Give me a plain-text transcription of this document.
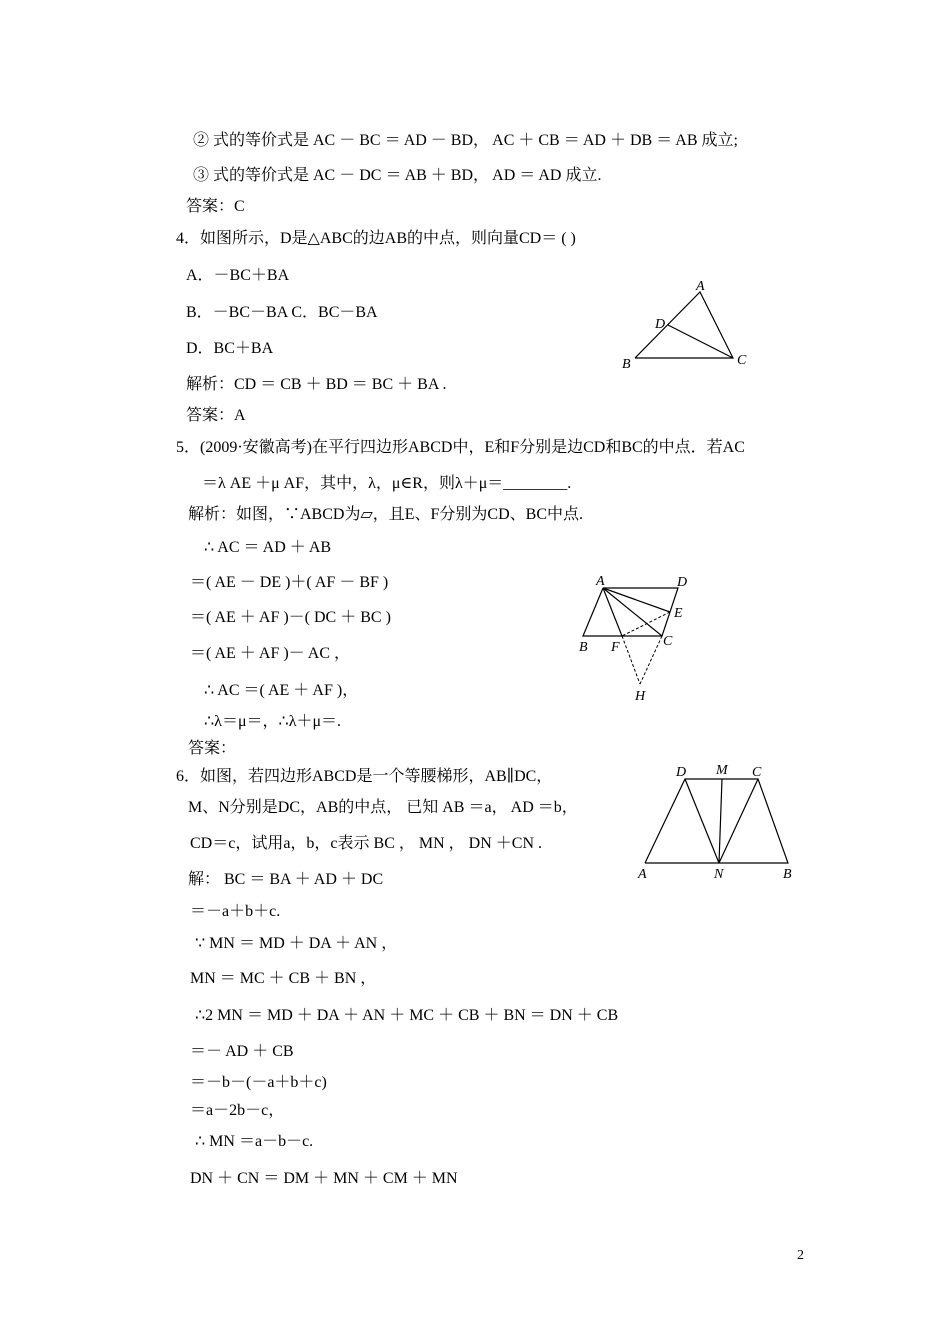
② 式的等价式是 AC － BC ＝ AD － BD， AC ＋ CB ＝ AD ＋ DB ＝ AB 成立;
③ 式的等价式是 AC － DC ＝ AB ＋ BD， AD ＝ AD 成立.
答案：C
4．如图所示，D是△ABC的边AB的中点，则向量CD＝ ( )
A．－BC＋BA
B．－BC－BA C．BC－BA
D．BC＋BA
解析：CD ＝ CB ＋ BD ＝ BC ＋ BA .
答案：A
5．(2009·安徽高考)在平行四边形ABCD中，E和F分别是边CD和BC的中点．若AC
＝λ AE ＋μ AF，其中，λ，μ∈R，则λ＋μ＝________.
解析：如图，∵ABCD为▱，且E、F分别为CD、BC中点.
∴ AC ＝ AD ＋ AB
＝( AE － DE )＋( AF － BF )
＝( AE ＋ AF )－( DC ＋ BC )
＝( AE ＋ AF )－ AC ，
∴ AC ＝( AE ＋ AF )，
∴λ＝μ＝，∴λ＋μ＝.
答案：
6．如图，若四边形ABCD是一个等腰梯形，AB∥DC，
M、N分别是DC，AB的中点， 已知 AB ＝a， AD ＝b，
CD＝c，试用a，b，c表示 BC ， MN ， DN ＋CN .
解： BC ＝ BA ＋ AD ＋ DC
＝－a＋b＋c.
∵ MN ＝ MD ＋ DA ＋ AN ，
MN ＝ MC ＋ CB ＋ BN ，
∴2 MN ＝ MD ＋ DA ＋ AN ＋ MC ＋ CB ＋ BN ＝ DN ＋ CB
＝－ AD ＋ CB
＝－b－(－a＋b＋c)
＝a－2b－c，
∴ MN ＝a－b－c.
DN ＋ CN ＝ DM ＋ MN ＋ CM ＋ MN
A
D
B	C
A	D
E
C
B F
H
D M C
A	N	B
2
